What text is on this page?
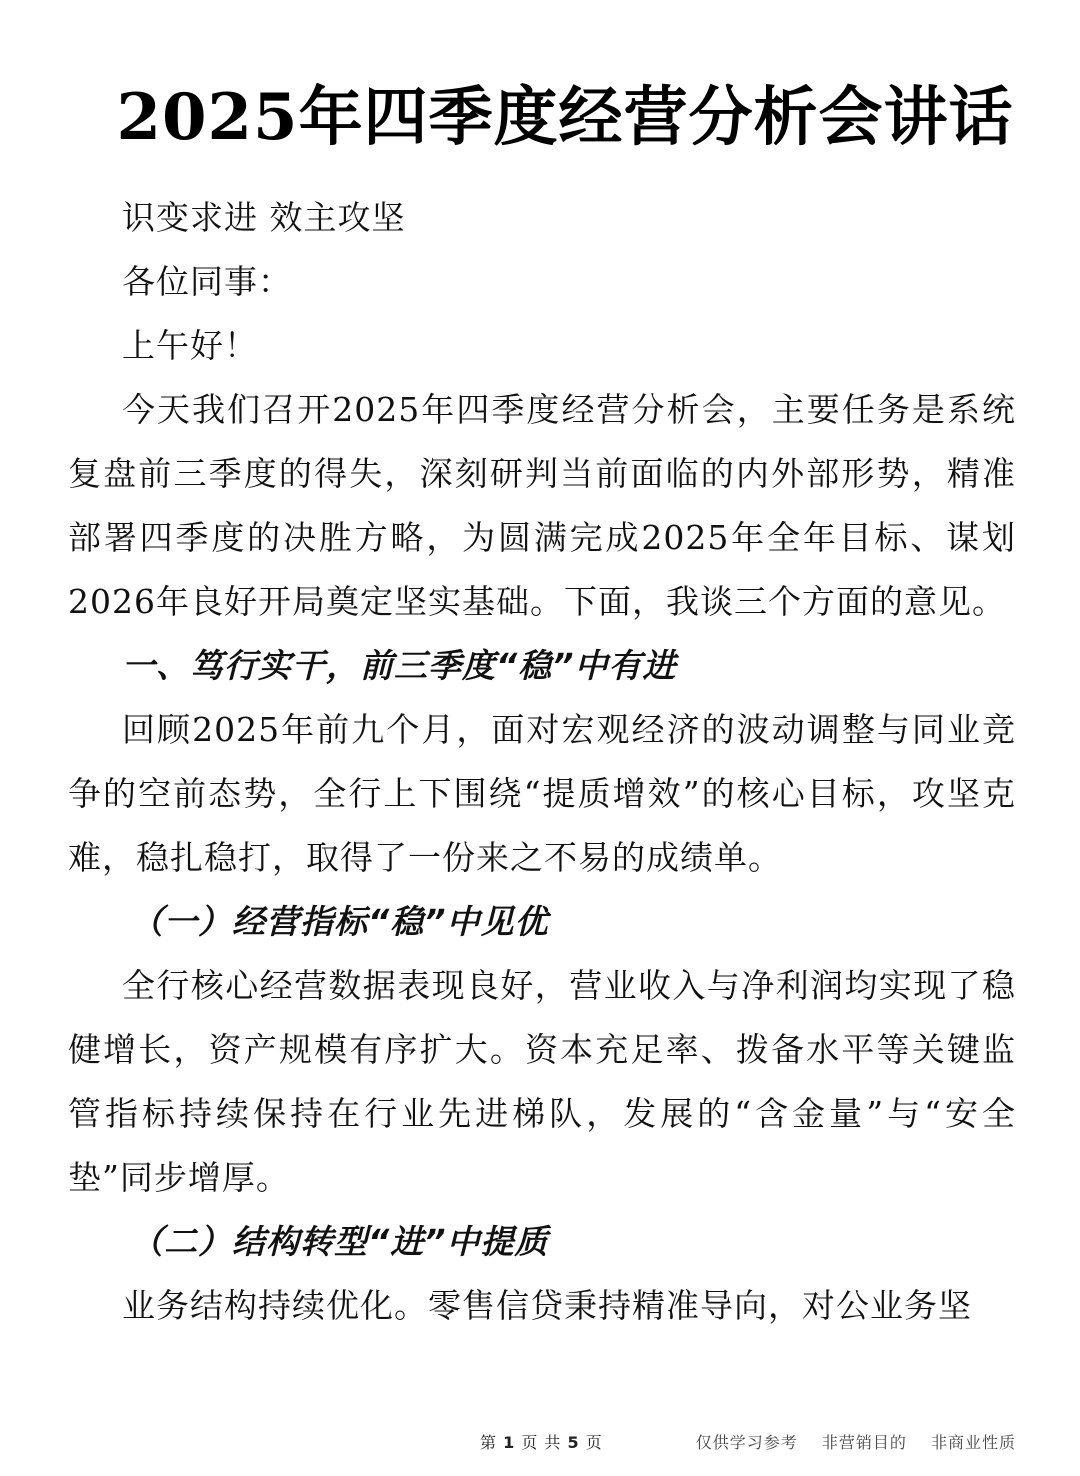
2025年四季度经营分析会讲话

识变求进 效主攻坚

各位同事：

上午好！

今天我们召开2025年四季度经营分析会，主要任务是系统复盘前三季度的得失，深刻研判当前面临的内外部形势，精准部署四季度的决胜方略，为圆满完成2025年全年目标、谋划2026年良好开局奠定坚实基础。下面，我谈三个方面的意见。

一、笃行实干，前三季度“稳”中有进

回顾2025年前九个月，面对宏观经济的波动调整与同业竞争的空前态势，全行上下围绕“提质增效”的核心目标，攻坚克难，稳扎稳打，取得了一份来之不易的成绩单。

（一）经营指标“稳”中见优

全行核心经营数据表现良好，营业收入与净利润均实现了稳健增长，资产规模有序扩大。资本充足率、拨备水平等关键监管指标持续保持在行业先进梯队，发展的“含金量”与“安全垫”同步增厚。

（二）结构转型“进”中提质

业务结构持续优化。零售信贷秉持精准导向，对公业务坚

第 1 页 共 5 页	仅供学习参考 非营销目的 非商业性质
